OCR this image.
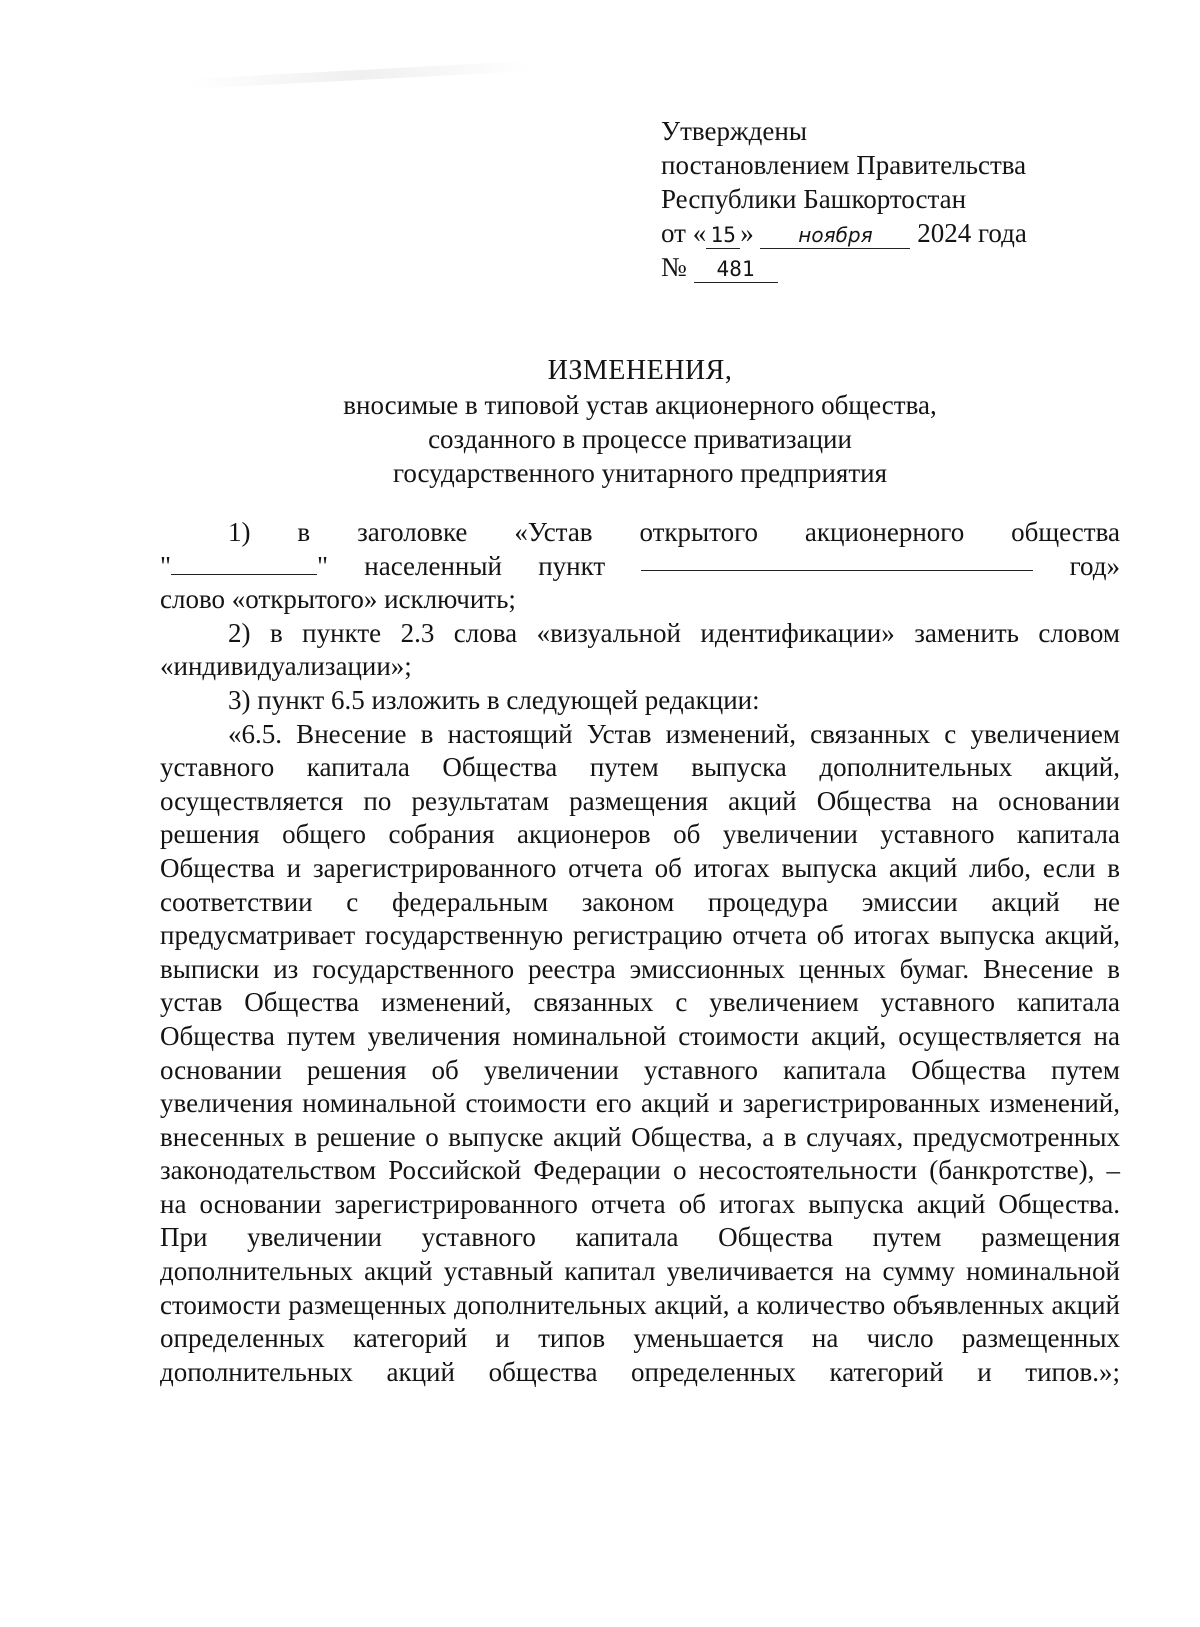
Утверждены
постановлением Правительства
Республики Башкортостан
от « 15 » ноября 2024 года
№ 481
ИЗМЕНЕНИЯ,
вносимые в типовой устав акционерного общества,
созданного в процессе приватизации
государственного унитарного предприятия
1) в заголовке «Устав открытого акционерного общества
"	" населенный пункт	год»

слово «открытого» исключить;

2) в пункте 2.3 слова «визуальной идентификации» заменить словом «индивидуализации»;

3) пункт 6.5 изложить в следующей редакции:

«6.5. Внесение в настоящий Устав изменений, связанных с увеличением уставного капитала Общества путем выпуска дополнительных акций, осуществляется по результатам размещения акций Общества на основании решения общего собрания акционеров об увеличении уставного капитала Общества и зарегистрированного отчета об итогах выпуска акций либо, если в соответствии с федеральным законом процедура эмиссии акций не предусматривает государственную регистрацию отчета об итогах выпуска акций, выписки из государственного реестра эмиссионных ценных бумаг. Внесение в устав Общества изменений, связанных с увеличением уставного капитала Общества путем увеличения номинальной стоимости акций, осуществляется на основании решения об увеличении уставного капитала Общества путем увеличения номинальной стоимости его акций и зарегистрированных изменений, внесенных в решение о выпуске акций Общества, а в случаях, предусмотренных законодательством Российской Федерации о несостоятельности (банкротстве), – на основании зарегистрированного отчета об итогах выпуска акций Общества. При увеличении уставного капитала Общества путем размещения дополнительных акций уставный капитал увеличивается на сумму номинальной стоимости размещенных дополнительных акций, а количество объявленных акций определенных категорий и типов уменьшается на число размещенных дополнительных акций общества определенных категорий и типов.»;
